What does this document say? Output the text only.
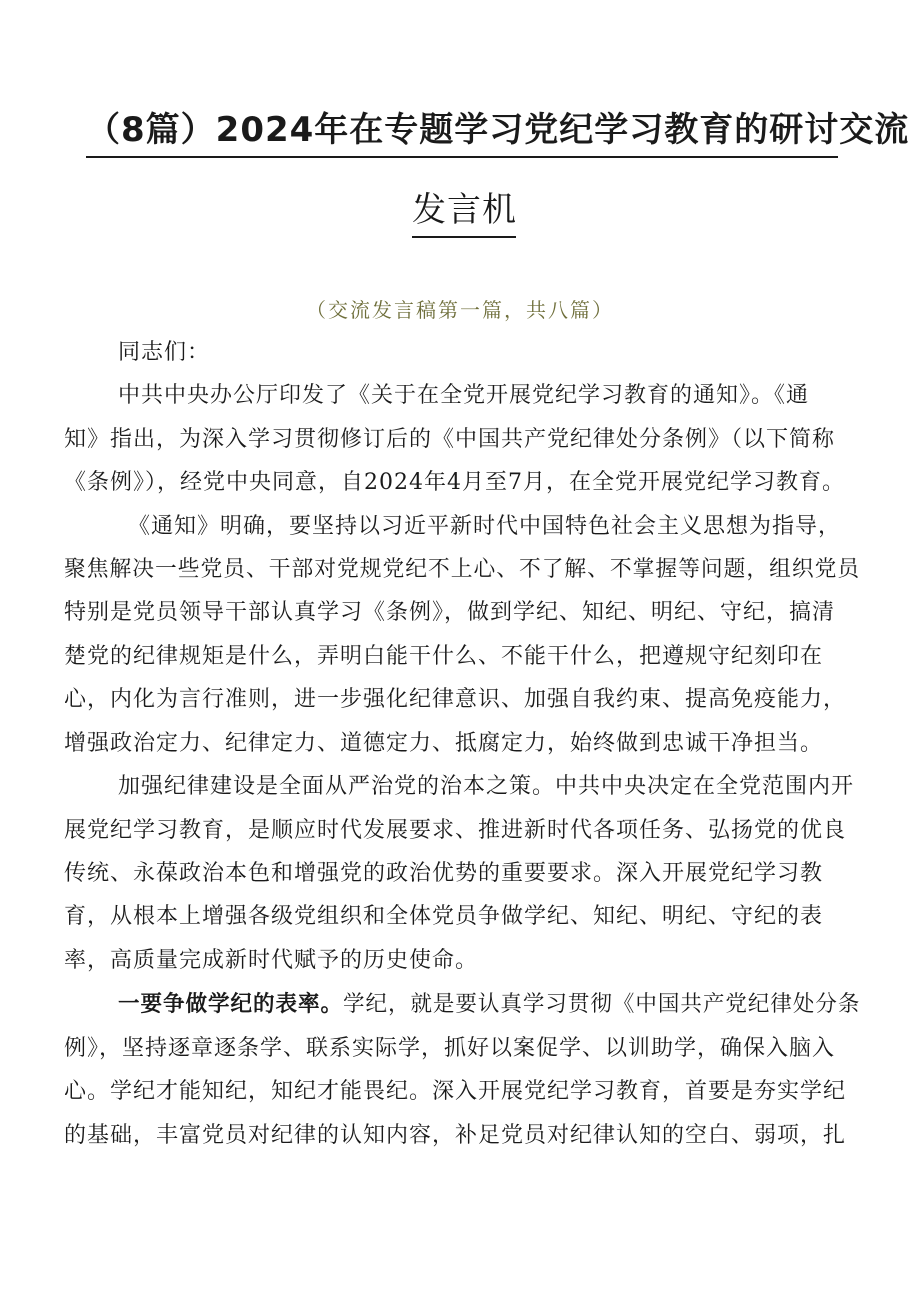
（8篇）2024年在专题学习党纪学习教育的研讨交流
发言机
（交流发言稿第一篇，共八篇）
同志们：
中共中央办公厅印发了《关于在全党开展党纪学习教育的通知》。《通
知》指出，为深入学习贯彻修订后的《中国共产党纪律处分条例》（以下简称
《条例》），经党中央同意，自2024年4月至7月，在全党开展党纪学习教育。
《通知》明确，要坚持以习近平新时代中国特色社会主义思想为指导，
聚焦解决一些党员、干部对党规党纪不上心、不了解、不掌握等问题，组织党员
特别是党员领导干部认真学习《条例》，做到学纪、知纪、明纪、守纪，搞清
楚党的纪律规矩是什么，弄明白能干什么、不能干什么，把遵规守纪刻印在
心，内化为言行准则，进一步强化纪律意识、加强自我约束、提高免疫能力，
增强政治定力、纪律定力、道德定力、抵腐定力，始终做到忠诚干净担当。
加强纪律建设是全面从严治党的治本之策。中共中央决定在全党范围内开
展党纪学习教育，是顺应时代发展要求、推进新时代各项任务、弘扬党的优良
传统、永葆政治本色和增强党的政治优势的重要要求。深入开展党纪学习教
育，从根本上增强各级党组织和全体党员争做学纪、知纪、明纪、守纪的表
率，高质量完成新时代赋予的历史使命。
一要争做学纪的表率。学纪，就是要认真学习贯彻《中国共产党纪律处分条
例》，坚持逐章逐条学、联系实际学，抓好以案促学、以训助学，确保入脑入
心。学纪才能知纪，知纪才能畏纪。深入开展党纪学习教育，首要是夯实学纪
的基础，丰富党员对纪律的认知内容，补足党员对纪律认知的空白、弱项，扎
